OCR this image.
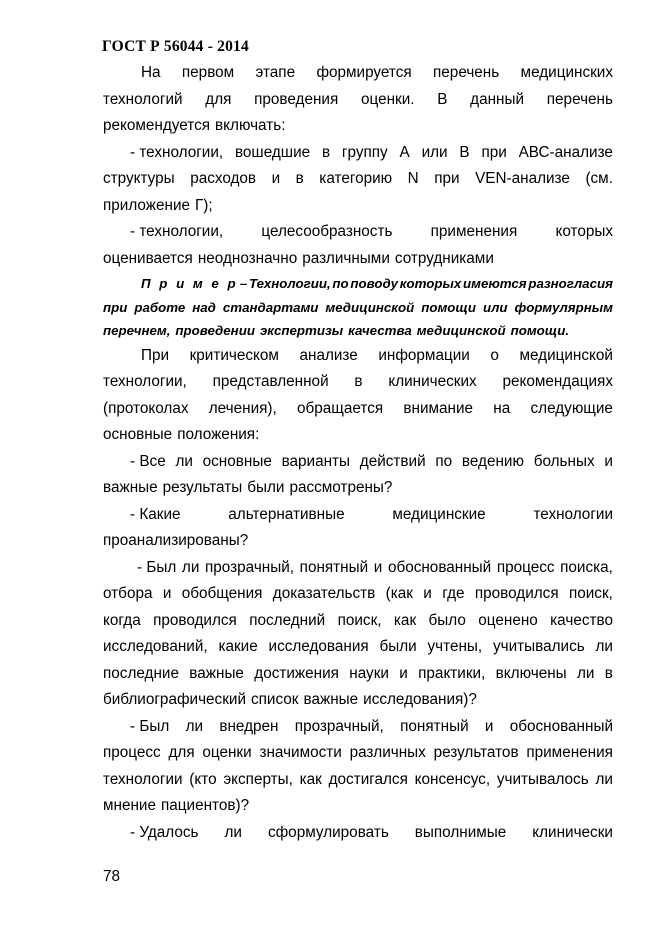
ГОСТ Р 56044 - 2014
На первом этапе формируется перечень медицинских
технологий для проведения оценки. В данный перечень
рекомендуется включать:
- технологии, вошедшие в группу А или В при АВС-анализе
структуры расходов и в категорию N при VEN-анализе (см.
приложение Г);
- технологии, целесообразность применения которых
оценивается неоднозначно различными сотрудниками
П р и м е р – Технологии, по поводу которых имеются разногласия
при работе над стандартами медицинской помощи или формулярным
перечнем, проведении экспертизы качества медицинской помощи.
При критическом анализе информации о медицинской
технологии, представленной в клинических рекомендациях
(протоколах лечения), обращается внимание на следующие
основные положения:
- Все ли основные варианты действий по ведению больных и
важные результаты были рассмотрены?
- Какие	альтернативные	медицинские	технологии
проанализированы?
- Был ли прозрачный, понятный и обоснованный процесс поиска,
отбора и обобщения доказательств (как и где проводился поиск,
когда проводился последний поиск, как было оценено качество
исследований, какие исследования были учтены, учитывались ли
последние важные достижения науки и практики, включены ли в
библиографический список важные исследования)?
- Был ли внедрен прозрачный, понятный и обоснованный
процесс для оценки значимости различных результатов применения
технологии (кто эксперты, как достигался консенсус, учитывалось ли
мнение пациентов)?
- Удалось ли сформулировать выполнимые клинически
78
